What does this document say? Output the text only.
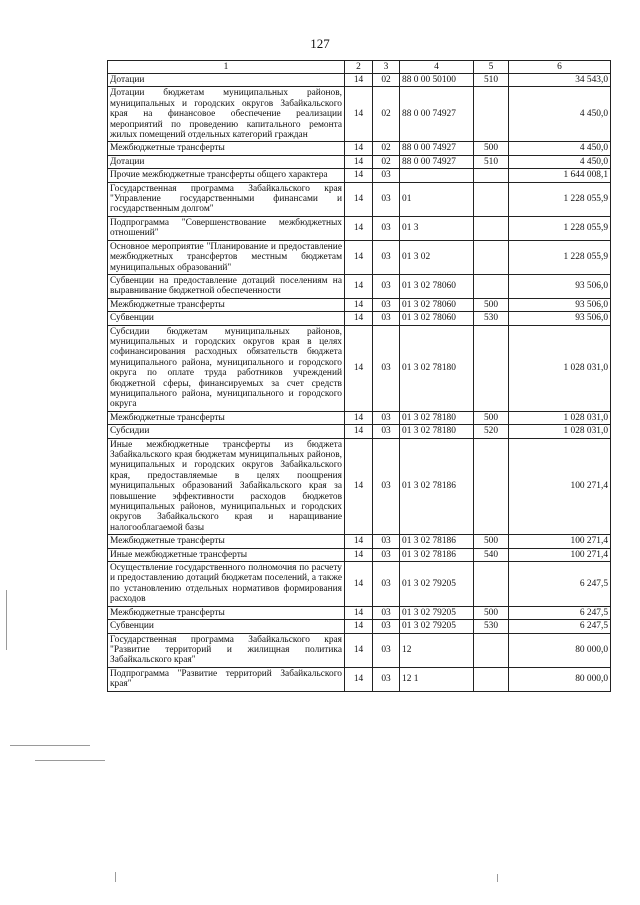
127
1	2	3	4	5	6
Дотации	14	02	88 0 00 50100	510	34 543,0
Дотации бюджетам муниципальных районов, муниципальных и городских округов Забайкальского края на финансовое обеспечение реализации мероприятий по проведению капитального ремонта жилых помещений отдельных категорий граждан	14	02	88 0 00 74927		4 450,0
Межбюджетные трансферты	14	02	88 0 00 74927	500	4 450,0
Дотации	14	02	88 0 00 74927	510	4 450,0
Прочие межбюджетные трансферты общего характера	14	03			1 644 008,1
Государственная программа Забайкальского края "Управление государственными финансами и государственным долгом"	14	03	01		1 228 055,9
Подпрограмма "Совершенствование межбюджетных отношений"	14	03	01 3		1 228 055,9
Основное мероприятие "Планирование и предоставление межбюджетных трансфертов местным бюджетам муниципальных образований"	14	03	01 3 02		1 228 055,9
Субвенции на предоставление дотаций поселениям на выравнивание бюджетной обеспеченности	14	03	01 3 02 78060		93 506,0
Межбюджетные трансферты	14	03	01 3 02 78060	500	93 506,0
Субвенции	14	03	01 3 02 78060	530	93 506,0
Субсидии бюджетам муниципальных районов, муниципальных и городских округов края в целях софинансирования расходных обязательств бюджета муниципального района, муниципального и городского округа по оплате труда работников учреждений бюджетной сферы, финансируемых за счет средств муниципального района, муниципального и городского округа	14	03	01 3 02 78180		1 028 031,0
Межбюджетные трансферты	14	03	01 3 02 78180	500	1 028 031,0
Субсидии	14	03	01 3 02 78180	520	1 028 031,0
Иные межбюджетные трансферты из бюджета Забайкальского края бюджетам муниципальных районов, муниципальных и городских округов Забайкальского края, предоставляемые в целях поощрения муниципальных образований Забайкальского края за повышение эффективности расходов бюджетов муниципальных районов, муниципальных и городских округов Забайкальского края и наращивание налогооблагаемой базы	14	03	01 3 02 78186		100 271,4
Межбюджетные трансферты	14	03	01 3 02 78186	500	100 271,4
Иные межбюджетные трансферты	14	03	01 3 02 78186	540	100 271,4
Осуществление государственного полномочия по расчету и предоставлению дотаций бюджетам поселений, а также по установлению отдельных нормативов формирования расходов	14	03	01 3 02 79205		6 247,5
Межбюджетные трансферты	14	03	01 3 02 79205	500	6 247,5
Субвенции	14	03	01 3 02 79205	530	6 247,5
Государственная программа Забайкальского края "Развитие территорий и жилищная политика Забайкальского края"	14	03	12		80 000,0
Подпрограмма "Развитие территорий Забайкальского края"	14	03	12 1		80 000,0
